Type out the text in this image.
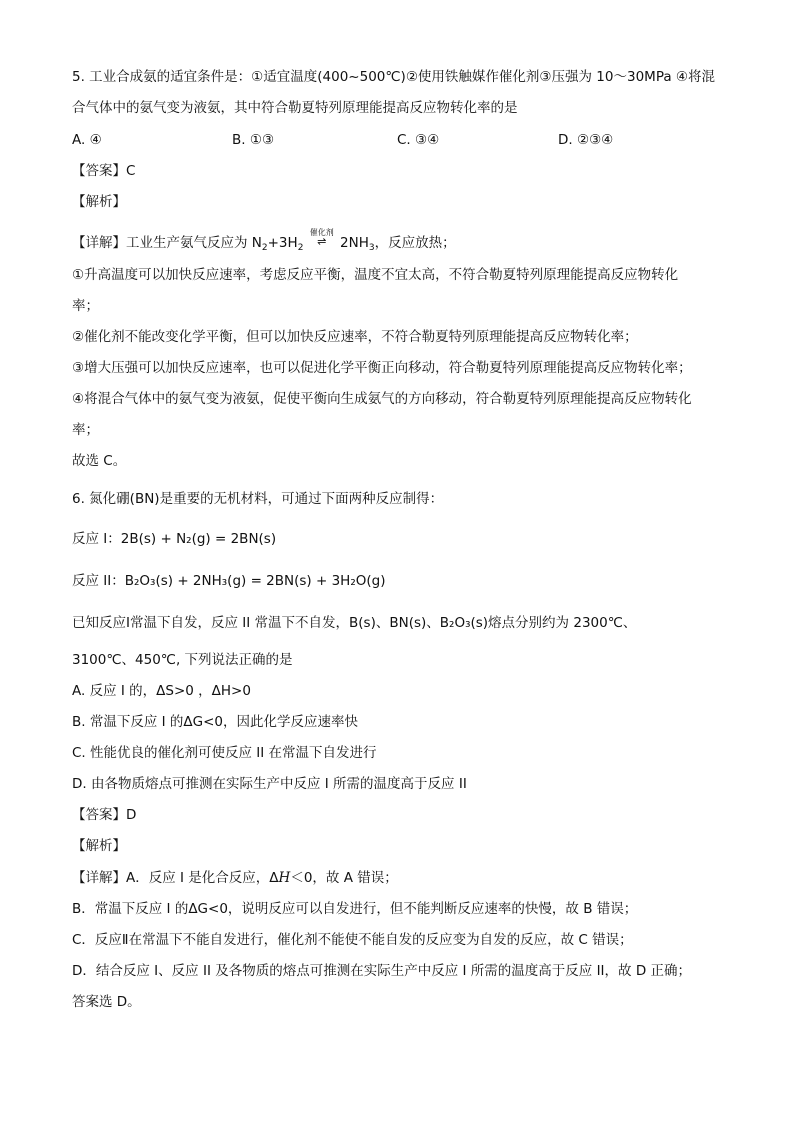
5. 工业合成氨的适宜条件是：①适宜温度(400~500℃)②使用铁触媒作催化剂③压强为 10～30MPa ④将混
合气体中的氨气变为液氨，其中符合勒夏特列原理能提高反应物转化率的是
A. ④	B. ①③	C. ③④	D. ②③④
【答案】C
【解析】
【详解】工业生产氨气反应为 $N_2+3H_2$
催化剂
⇌	$2NH_3$，反应放热；
①升高温度可以加快反应速率，考虑反应平衡，温度不宜太高，不符合勒夏特列原理能提高反应物转化
率；
②催化剂不能改变化学平衡，但可以加快反应速率，不符合勒夏特列原理能提高反应物转化率；
③增大压强可以加快反应速率，也可以促进化学平衡正向移动，符合勒夏特列原理能提高反应物转化率；
④将混合气体中的氨气变为液氨，促使平衡向生成氨气的方向移动，符合勒夏特列原理能提高反应物转化
率；
故选 C。
6. 氮化硼(BN)是重要的无机材料，可通过下面两种反应制得：
反应 I：2B(s) + N₂(g) = 2BN(s)
反应 II：B₂O₃(s) + 2NH₃(g) = 2BN(s) + 3H₂O(g)
已知反应I常温下自发，反应 II 常温下不自发，B(s)、BN(s)、B₂O₃(s)熔点分别约为 2300℃、
3100℃、450℃, 下列说法正确的是
A. 反应 I 的，ΔS>0 ，ΔH>0
B. 常温下反应 I 的ΔG<0，因此化学反应速率快
C. 性能优良的催化剂可使反应 II 在常温下自发进行
D. 由各物质熔点可推测在实际生产中反应 I 所需的温度高于反应 II
【答案】D
【解析】
【详解】A．反应 I 是化合反应，ΔH＜0，故 A 错误；
B．常温下反应 I 的ΔG<0，说明反应可以自发进行，但不能判断反应速率的快慢，故 B 错误；
C．反应Ⅱ在常温下不能自发进行，催化剂不能使不能自发的反应变为自发的反应，故 C 错误；
D．结合反应 I、反应 II 及各物质的熔点可推测在实际生产中反应 I 所需的温度高于反应 II，故 D 正确；
答案选 D。
